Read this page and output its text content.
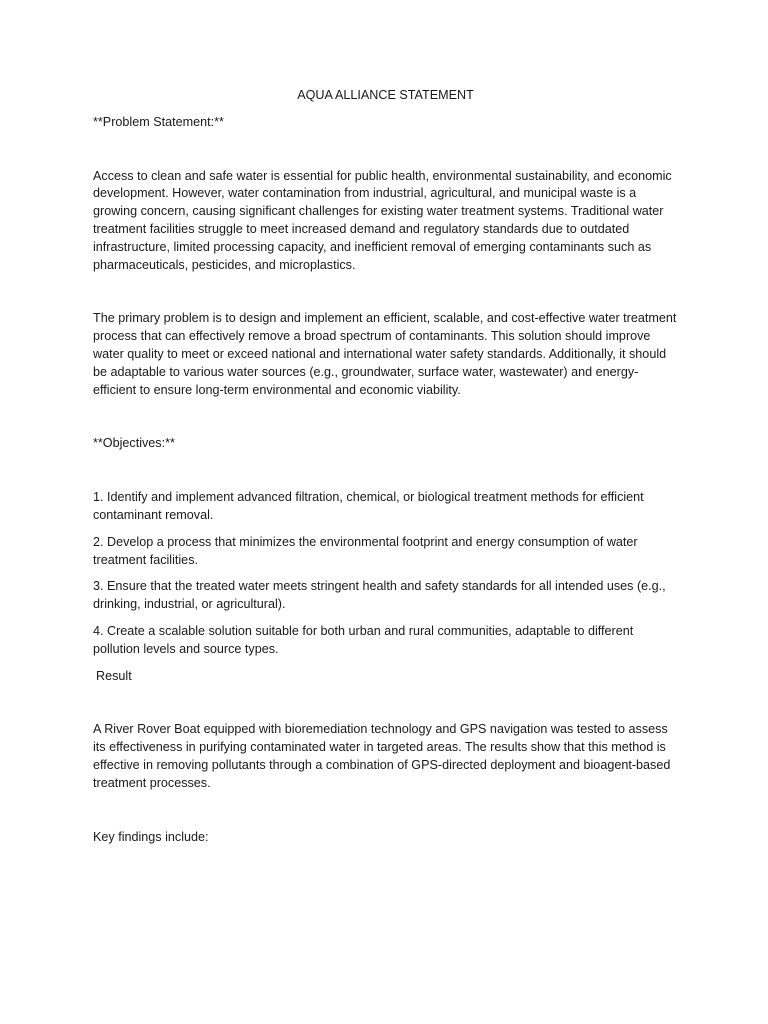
AQUA ALLIANCE STATEMENT

**Problem Statement:**

Access to clean and safe water is essential for public health, environmental sustainability, and economic development. However, water contamination from industrial, agricultural, and municipal waste is a growing concern, causing significant challenges for existing water treatment systems. Traditional water treatment facilities struggle to meet increased demand and regulatory standards due to outdated infrastructure, limited processing capacity, and inefficient removal of emerging contaminants such as pharmaceuticals, pesticides, and microplastics.

The primary problem is to design and implement an efficient, scalable, and cost-effective water treatment process that can effectively remove a broad spectrum of contaminants. This solution should improve water quality to meet or exceed national and international water safety standards. Additionally, it should be adaptable to various water sources (e.g., groundwater, surface water, wastewater) and energy-efficient to ensure long-term environmental and economic viability.

**Objectives:**

1. Identify and implement advanced filtration, chemical, or biological treatment methods for efficient contaminant removal.

2. Develop a process that minimizes the environmental footprint and energy consumption of water treatment facilities.

3. Ensure that the treated water meets stringent health and safety standards for all intended uses (e.g., drinking, industrial, or agricultural).

4. Create a scalable solution suitable for both urban and rural communities, adaptable to different pollution levels and source types.

Result

A River Rover Boat equipped with bioremediation technology and GPS navigation was tested to assess its effectiveness in purifying contaminated water in targeted areas. The results show that this method is effective in removing pollutants through a combination of GPS-directed deployment and bioagent-based treatment processes.

Key findings include:
